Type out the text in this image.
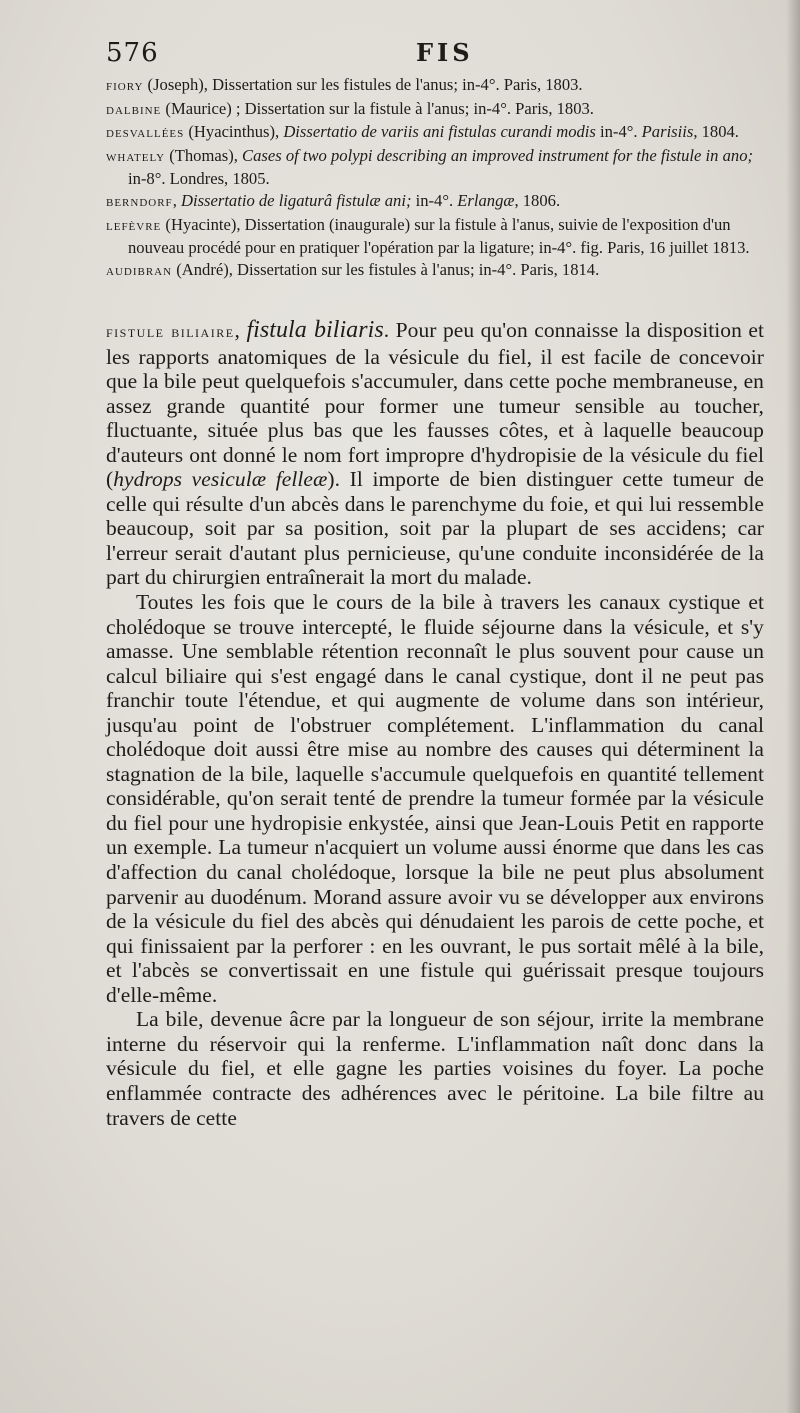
576	FIS
fiory (Joseph), Dissertation sur les fistules de l'anus; in-4°. Paris, 1803.
dalbine (Maurice) ; Dissertation sur la fistule à l'anus; in-4°. Paris, 1803.
desvallées (Hyacinthus), Dissertatio de variis ani fistulas curandi modis in-4°. Parisiis, 1804.
whately (Thomas), Cases of two polypi describing an improved instrument for the fistule in ano; in-8°. Londres, 1805.
berndorf, Dissertatio de ligaturâ fistulæ ani; in-4°. Erlangæ, 1806.
lefèvre (Hyacinte), Dissertation (inaugurale) sur la fistule à l'anus, suivie de l'exposition d'un nouveau procédé pour en pratiquer l'opération par la ligature; in-4°. fig. Paris, 16 juillet 1813.
audibran (André), Dissertation sur les fistules à l'anus; in-4°. Paris, 1814.

fistule biliaire, fistula biliaris. Pour peu qu'on connaisse la disposition et les rapports anatomiques de la vésicule du fiel, il est facile de concevoir que la bile peut quelquefois s'accumuler, dans cette poche membraneuse, en assez grande quantité pour former une tumeur sensible au toucher, fluctuante, située plus bas que les fausses côtes, et à laquelle beaucoup d'auteurs ont donné le nom fort impropre d'hydropisie de la vésicule du fiel (hydrops vesiculæ felleæ). Il importe de bien distinguer cette tumeur de celle qui résulte d'un abcès dans le parenchyme du foie, et qui lui ressemble beaucoup, soit par sa position, soit par la plupart de ses accidens; car l'erreur serait d'autant plus pernicieuse, qu'une conduite inconsidérée de la part du chirurgien entraînerait la mort du malade.

Toutes les fois que le cours de la bile à travers les canaux cystique et cholédoque se trouve intercepté, le fluide séjourne dans la vésicule, et s'y amasse. Une semblable rétention reconnaît le plus souvent pour cause un calcul biliaire qui s'est engagé dans le canal cystique, dont il ne peut pas franchir toute l'étendue, et qui augmente de volume dans son intérieur, jusqu'au point de l'obstruer complétement. L'inflammation du canal cholédoque doit aussi être mise au nombre des causes qui déterminent la stagnation de la bile, laquelle s'accumule quelquefois en quantité tellement considérable, qu'on serait tenté de prendre la tumeur formée par la vésicule du fiel pour une hydropisie enkystée, ainsi que Jean-Louis Petit en rapporte un exemple. La tumeur n'acquiert un volume aussi énorme que dans les cas d'affection du canal cholédoque, lorsque la bile ne peut plus absolument parvenir au duodénum. Morand assure avoir vu se développer aux environs de la vésicule du fiel des abcès qui dénudaient les parois de cette poche, et qui finissaient par la perforer : en les ouvrant, le pus sortait mêlé à la bile, et l'abcès se convertissait en une fistule qui guérissait presque toujours d'elle-même.

La bile, devenue âcre par la longueur de son séjour, irrite la membrane interne du réservoir qui la renferme. L'inflammation naît donc dans la vésicule du fiel, et elle gagne les parties voisines du foyer. La poche enflammée contracte des adhérences avec le péritoine. La bile filtre au travers de cette
